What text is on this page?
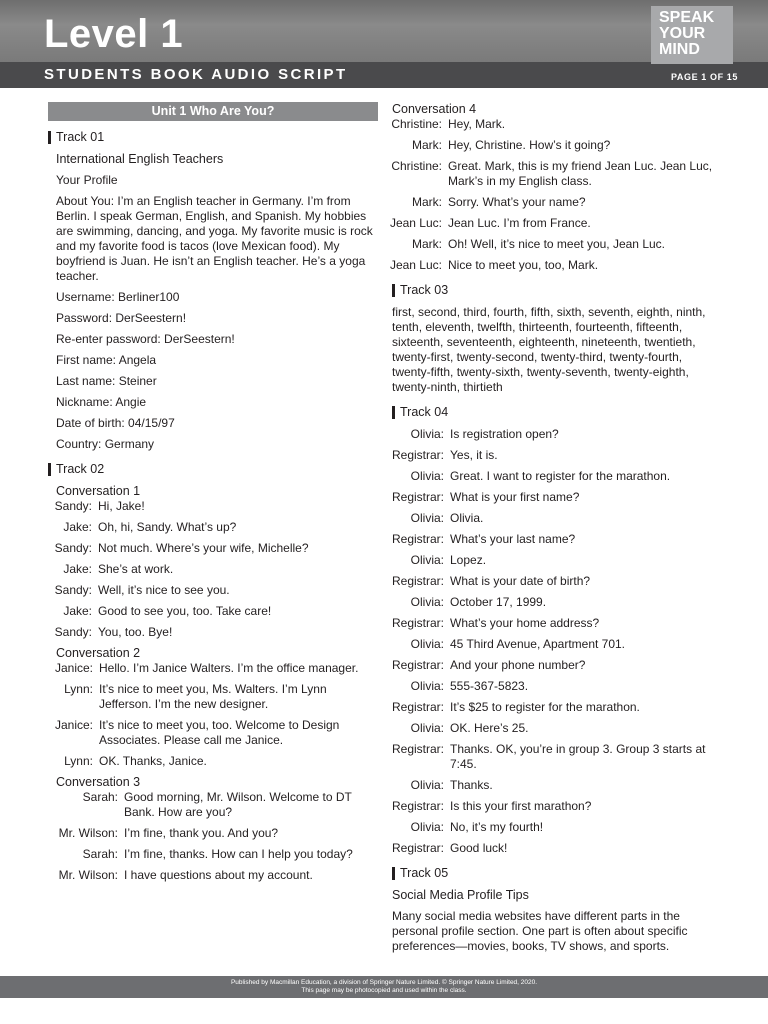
Level 1
STUDENTS BOOK AUDIO SCRIPT	PAGE 1 OF 15
SPEAK
YOUR
MIND
Unit 1 Who Are You?
Track 01
International English Teachers
Your Profile
About You: I’m an English teacher in Germany. I’m from Berlin. I speak German, English, and Spanish. My hobbies are swimming, dancing, and yoga. My favorite music is rock and my favorite food is tacos (love Mexican food). My boyfriend is Juan. He isn’t an English teacher. He’s a yoga teacher.
Username: Berliner100
Password: DerSeestern!
Re-enter password: DerSeestern!
First name: Angela
Last name: Steiner
Nickname: Angie
Date of birth: 04/15/97
Country: Germany
Track 02
Conversation 1
Sandy: Hi, Jake!
Jake: Oh, hi, Sandy. What’s up?
Sandy: Not much. Where’s your wife, Michelle?
Jake: She’s at work.
Sandy: Well, it’s nice to see you.
Jake: Good to see you, too. Take care!
Sandy: You, too. Bye!
Conversation 2
Janice: Hello. I’m Janice Walters. I’m the office manager.
Lynn: It’s nice to meet you, Ms. Walters. I’m Lynn Jefferson. I’m the new designer.
Janice: It’s nice to meet you, too. Welcome to Design Associates. Please call me Janice.
Lynn: OK. Thanks, Janice.
Conversation 3
Sarah: Good morning, Mr. Wilson. Welcome to DT Bank. How are you?
Mr. Wilson: I’m fine, thank you. And you?
Sarah: I’m fine, thanks. How can I help you today?
Mr. Wilson: I have questions about my account.
Conversation 4
Christine: Hey, Mark.
Mark: Hey, Christine. How’s it going?
Christine: Great. Mark, this is my friend Jean Luc. Jean Luc, Mark’s in my English class.
Mark: Sorry. What’s your name?
Jean Luc: Jean Luc. I’m from France.
Mark: Oh! Well, it’s nice to meet you, Jean Luc.
Jean Luc: Nice to meet you, too, Mark.
Track 03
first, second, third, fourth, fifth, sixth, seventh, eighth, ninth, tenth, eleventh, twelfth, thirteenth, fourteenth, fifteenth, sixteenth, seventeenth, eighteenth, nineteenth, twentieth, twenty-first, twenty-second, twenty-third, twenty-fourth, twenty-fifth, twenty-sixth, twenty-seventh, twenty-eighth, twenty-ninth, thirtieth
Track 04
Olivia: Is registration open?
Registrar: Yes, it is.
Olivia: Great. I want to register for the marathon.
Registrar: What is your first name?
Olivia: Olivia.
Registrar: What’s your last name?
Olivia: Lopez.
Registrar: What is your date of birth?
Olivia: October 17, 1999.
Registrar: What’s your home address?
Olivia: 45 Third Avenue, Apartment 701.
Registrar: And your phone number?
Olivia: 555-367-5823.
Registrar: It’s $25 to register for the marathon.
Olivia: OK. Here’s 25.
Registrar: Thanks. OK, you’re in group 3. Group 3 starts at 7:45.
Olivia: Thanks.
Registrar: Is this your first marathon?
Olivia: No, it’s my fourth!
Registrar: Good luck!
Track 05
Social Media Profile Tips
Many social media websites have different parts in the personal profile section. One part is often about specific preferences—movies, books, TV shows, and sports.
Published by Macmillan Education, a division of Springer Nature Limited. © Springer Nature Limited, 2020.
This page may be photocopied and used within the class.
